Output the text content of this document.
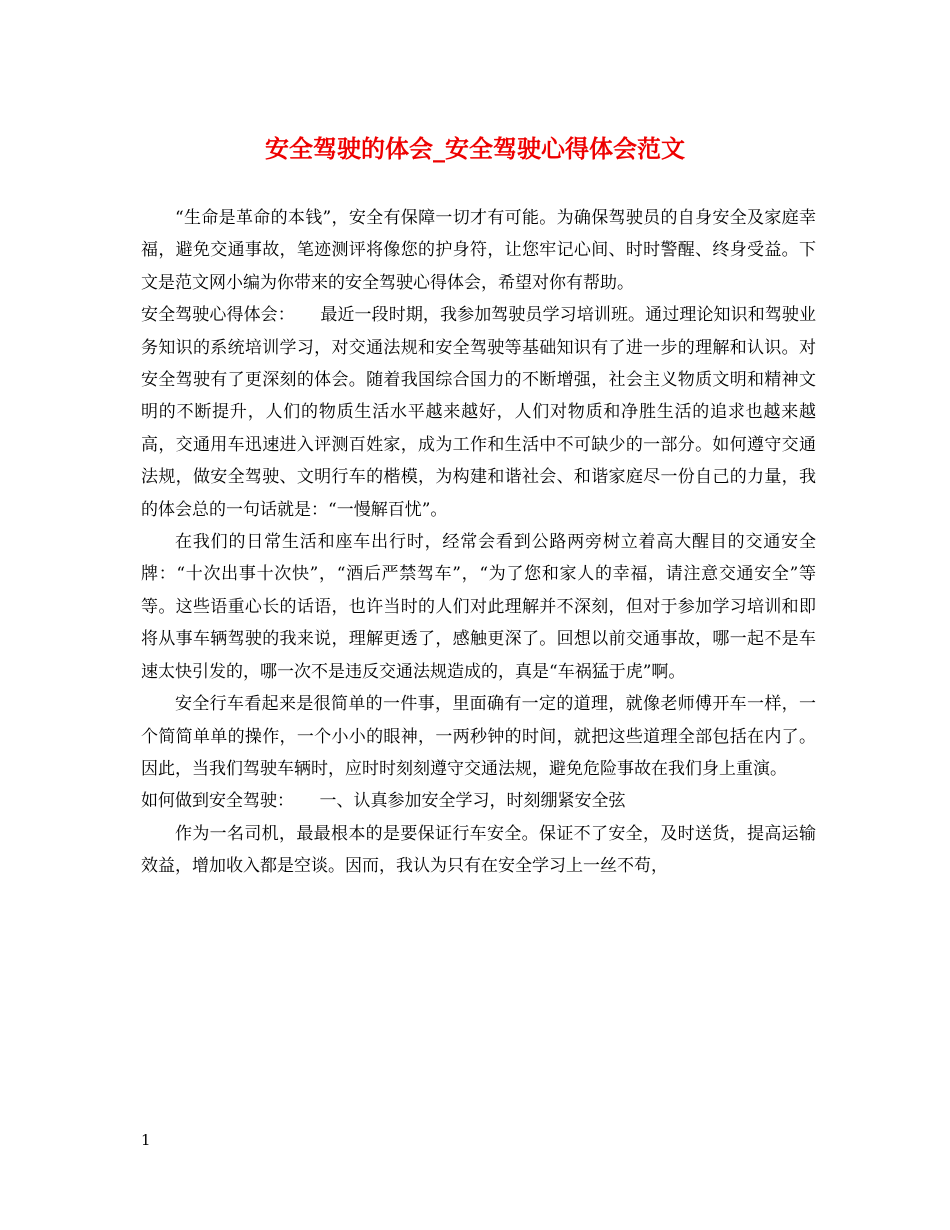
安全驾驶的体会_安全驾驶心得体会范文

“生命是革命的本钱”，安全有保障一切才有可能。为确保驾驶员的自身安全及家庭幸福，避免交通事故，笔迹测评将像您的护身符，让您牢记心间、时时警醒、终身受益。下文是范文网小编为你带来的安全驾驶心得体会，希望对你有帮助。

安全驾驶心得体会： 最近一段时期，我参加驾驶员学习培训班。通过理论知识和驾驶业务知识的系统培训学习，对交通法规和安全驾驶等基础知识有了进一步的理解和认识。对安全驾驶有了更深刻的体会。随着我国综合国力的不断增强，社会主义物质文明和精神文明的不断提升，人们的物质生活水平越来越好，人们对物质和净胜生活的追求也越来越高，交通用车迅速进入评测百姓家，成为工作和生活中不可缺少的一部分。如何遵守交通法规，做安全驾驶、文明行车的楷模，为构建和谐社会、和谐家庭尽一份自己的力量，我的体会总的一句话就是：“一慢解百忧”。

在我们的日常生活和座车出行时，经常会看到公路两旁树立着高大醒目的交通安全牌：“十次出事十次快”，“酒后严禁驾车”，“为了您和家人的幸福，请注意交通安全”等等。这些语重心长的话语，也许当时的人们对此理解并不深刻，但对于参加学习培训和即将从事车辆驾驶的我来说，理解更透了，感触更深了。回想以前交通事故，哪一起不是车速太快引发的，哪一次不是违反交通法规造成的，真是“车祸猛于虎”啊。

安全行车看起来是很简单的一件事，里面确有一定的道理，就像老师傅开车一样，一个简简单单的操作，一个小小的眼神，一两秒钟的时间，就把这些道理全部包括在内了。因此，当我们驾驶车辆时，应时时刻刻遵守交通法规，避免危险事故在我们身上重演。

如何做到安全驾驶： 一、认真参加安全学习，时刻绷紧安全弦

作为一名司机，最最根本的是要保证行车安全。保证不了安全，及时送货，提高运输效益，增加收入都是空谈。因而，我认为只有在安全学习上一丝不苟，

1
